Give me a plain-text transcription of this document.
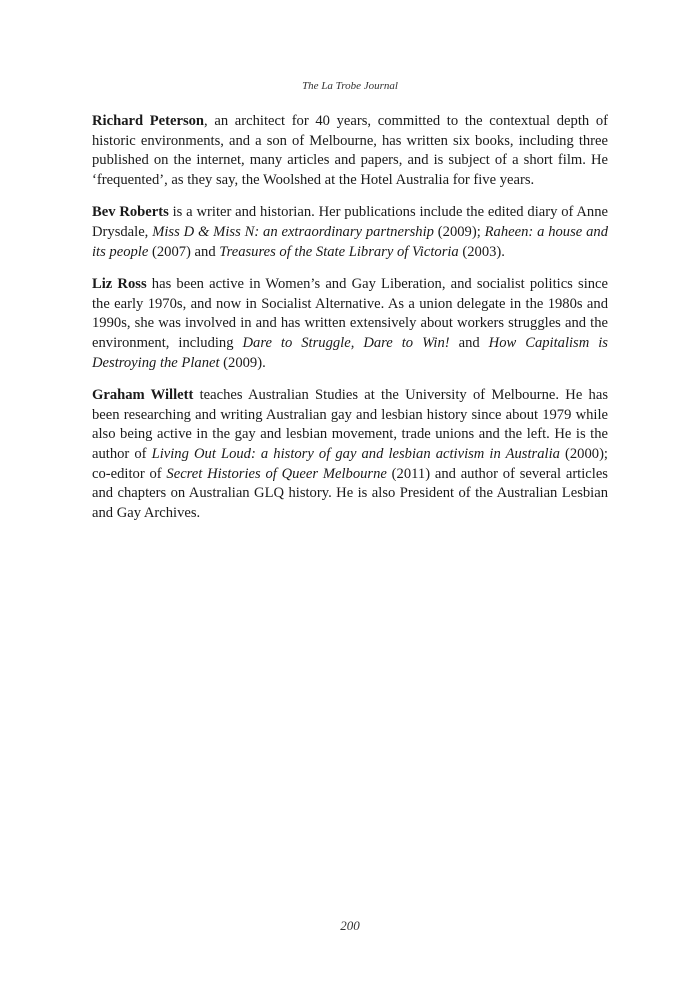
The La Trobe Journal

Richard Peterson, an architect for 40 years, committed to the contextual depth of historic environments, and a son of Melbourne, has written six books, including three published on the internet, many articles and papers, and is subject of a short film. He ‘frequented’, as they say, the Woolshed at the Hotel Australia for five years.

Bev Roberts is a writer and historian. Her publications include the edited diary of Anne Drysdale, Miss D & Miss N: an extraordinary partnership (2009); Raheen: a house and its people (2007) and Treasures of the State Library of Victoria (2003).

Liz Ross has been active in Women’s and Gay Liberation, and socialist politics since the early 1970s, and now in Socialist Alternative. As a union delegate in the 1980s and 1990s, she was involved in and has written extensively about workers struggles and the environment, including Dare to Struggle, Dare to Win! and How Capitalism is Destroying the Planet (2009).

Graham Willett teaches Australian Studies at the University of Melbourne. He has been researching and writing Australian gay and lesbian history since about 1979 while also being active in the gay and lesbian movement, trade unions and the left. He is the author of Living Out Loud: a history of gay and lesbian activism in Australia (2000); co-editor of Secret Histories of Queer Melbourne (2011) and author of several articles and chapters on Australian GLQ history. He is also President of the Australian Lesbian and Gay Archives.

200
